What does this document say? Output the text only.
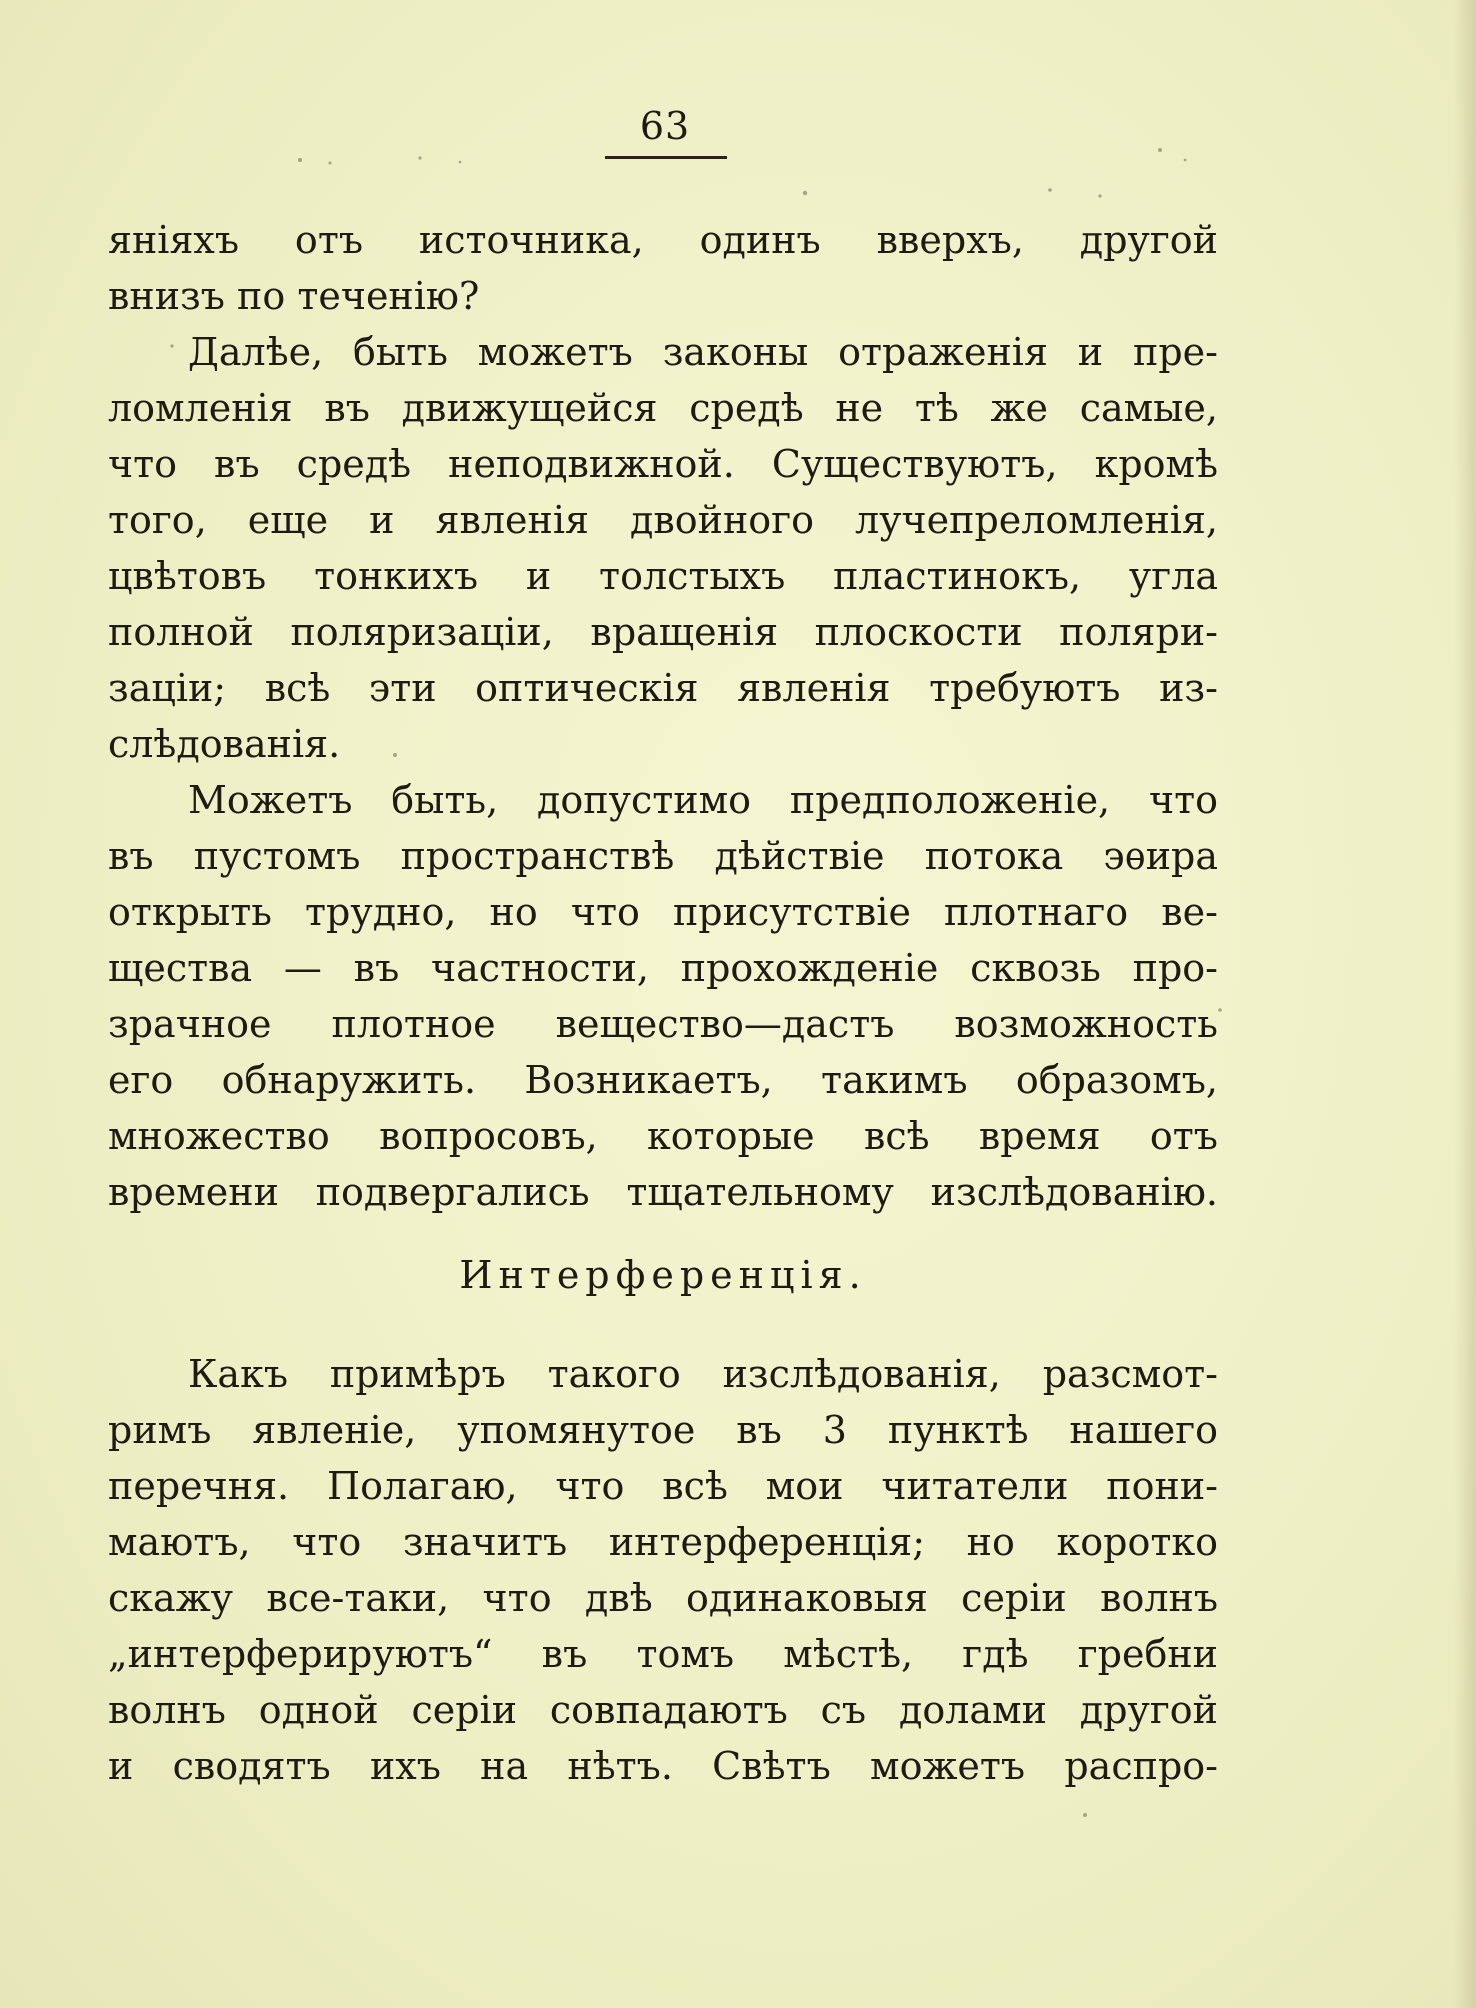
63
яніяхъ отъ источника, одинъ вверхъ, другой
внизъ по теченію?
Далѣе, быть можетъ законы отраженія и пре-
ломленія въ движущейся средѣ не тѣ же самые,
что въ средѣ неподвижной. Существуютъ, кромѣ
того, еще и явленія двойного лучепреломленія,
цвѣтовъ тонкихъ и толстыхъ пластинокъ, угла
полной поляризаціи, вращенія плоскости поляри-
заціи; всѣ эти оптическія явленія требуютъ из-
слѣдованія.
Можетъ быть, допустимо предположеніе, что
въ пустомъ пространствѣ дѣйствіе потока эѳира
открыть трудно, но что присутствіе плотнаго ве-
щества — въ частности, прохожденіе сквозь про-
зрачное плотное вещество—дастъ возможность
его обнаружить. Возникаетъ, такимъ образомъ,
множество вопросовъ, которые всѣ время отъ
времени подвергались тщательному изслѣдованію.
Интерференція.
Какъ примѣръ такого изслѣдованія, разсмот-
римъ явленіе, упомянутое въ 3 пунктѣ нашего
перечня. Полагаю, что всѣ мои читатели пони-
маютъ, что значитъ интерференція; но коротко
скажу все-таки, что двѣ одинаковыя серіи волнъ
„интерферируютъ“ въ томъ мѣстѣ, гдѣ гребни
волнъ одной серіи совпадаютъ съ долами другой
и сводятъ ихъ на нѣтъ. Свѣтъ можетъ распро-
